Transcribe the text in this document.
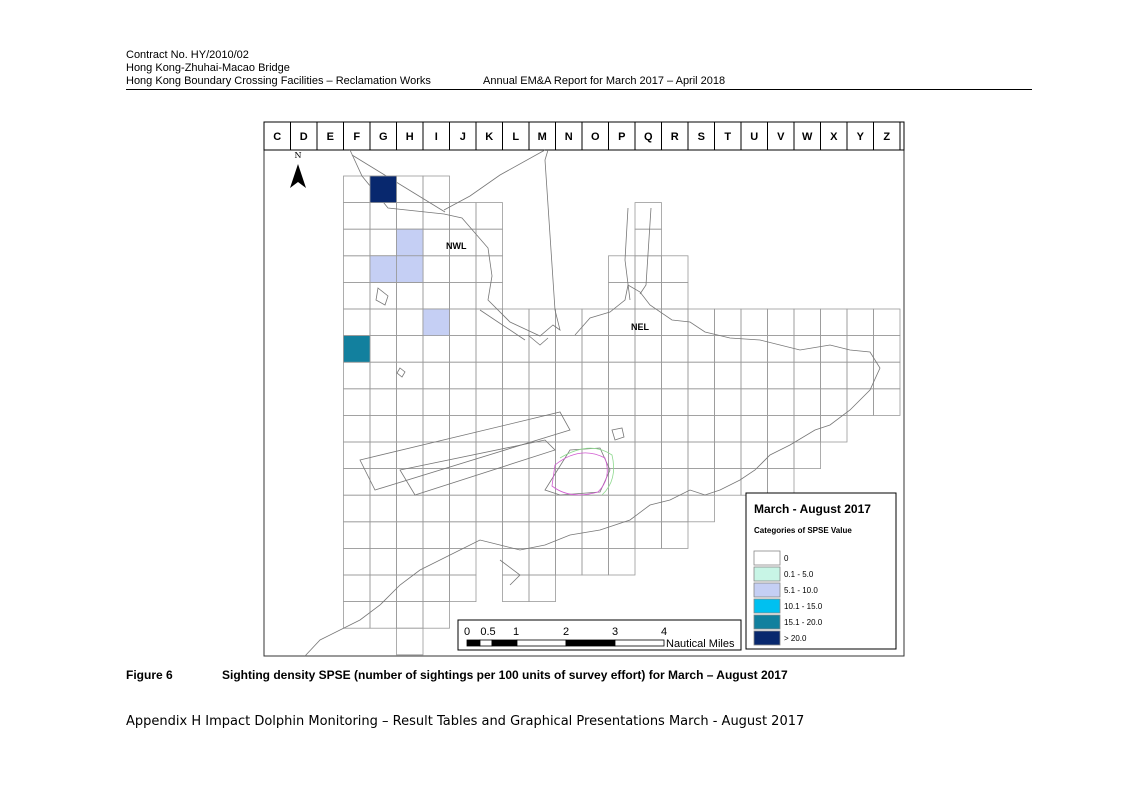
Contract No. HY/2010/02
Hong Kong-Zhuhai-Macao Bridge
Hong Kong Boundary Crossing Facilities – Reclamation Works	Annual EM&A Report for March 2017 – April 2018
C D E F G H I J K L M N O P Q R S T U V W X Y Z
N
NWL
NEL
0 0.5 1	2	3	4
Nautical Miles
March - August 2017
Categories of SPSE Value
0
0.1 - 5.0
5.1 - 10.0
10.1 - 15.0
15.1 - 20.0
> 20.0
Figure 6	Sighting density SPSE (number of sightings per 100 units of survey effort) for March – August 2017
Appendix H Impact Dolphin Monitoring – Result Tables and Graphical Presentations March - August 2017
